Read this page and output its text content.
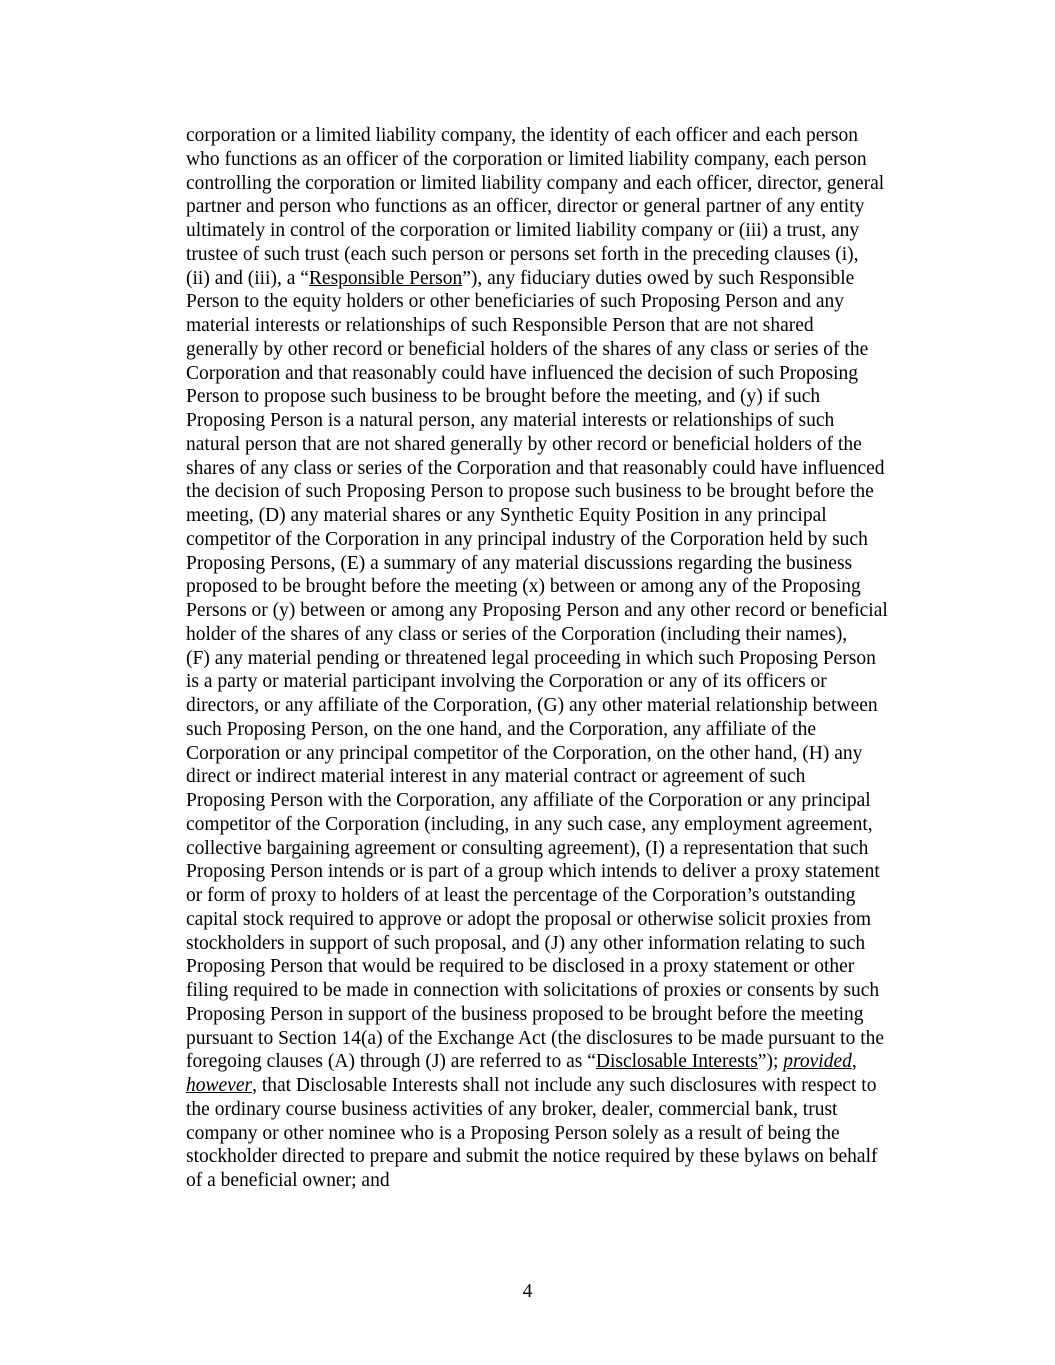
corporation or a limited liability company, the identity of each officer and each person
who functions as an officer of the corporation or limited liability company, each person
controlling the corporation or limited liability company and each officer, director, general
partner and person who functions as an officer, director or general partner of any entity
ultimately in control of the corporation or limited liability company or (iii) a trust, any
trustee of such trust (each such person or persons set forth in the preceding clauses (i),
(ii) and (iii), a “Responsible Person”), any fiduciary duties owed by such Responsible
Person to the equity holders or other beneficiaries of such Proposing Person and any
material interests or relationships of such Responsible Person that are not shared
generally by other record or beneficial holders of the shares of any class or series of the
Corporation and that reasonably could have influenced the decision of such Proposing
Person to propose such business to be brought before the meeting, and (y) if such
Proposing Person is a natural person, any material interests or relationships of such
natural person that are not shared generally by other record or beneficial holders of the
shares of any class or series of the Corporation and that reasonably could have influenced
the decision of such Proposing Person to propose such business to be brought before the
meeting, (D) any material shares or any Synthetic Equity Position in any principal
competitor of the Corporation in any principal industry of the Corporation held by such
Proposing Persons, (E) a summary of any material discussions regarding the business
proposed to be brought before the meeting (x) between or among any of the Proposing
Persons or (y) between or among any Proposing Person and any other record or beneficial
holder of the shares of any class or series of the Corporation (including their names),
(F) any material pending or threatened legal proceeding in which such Proposing Person
is a party or material participant involving the Corporation or any of its officers or
directors, or any affiliate of the Corporation, (G) any other material relationship between
such Proposing Person, on the one hand, and the Corporation, any affiliate of the
Corporation or any principal competitor of the Corporation, on the other hand, (H) any
direct or indirect material interest in any material contract or agreement of such
Proposing Person with the Corporation, any affiliate of the Corporation or any principal
competitor of the Corporation (including, in any such case, any employment agreement,
collective bargaining agreement or consulting agreement), (I) a representation that such
Proposing Person intends or is part of a group which intends to deliver a proxy statement
or form of proxy to holders of at least the percentage of the Corporation’s outstanding
capital stock required to approve or adopt the proposal or otherwise solicit proxies from
stockholders in support of such proposal, and (J) any other information relating to such
Proposing Person that would be required to be disclosed in a proxy statement or other
filing required to be made in connection with solicitations of proxies or consents by such
Proposing Person in support of the business proposed to be brought before the meeting
pursuant to Section 14(a) of the Exchange Act (the disclosures to be made pursuant to the
foregoing clauses (A) through (J) are referred to as “Disclosable Interests”); provided,
however, that Disclosable Interests shall not include any such disclosures with respect to
the ordinary course business activities of any broker, dealer, commercial bank, trust
company or other nominee who is a Proposing Person solely as a result of being the
stockholder directed to prepare and submit the notice required by these bylaws on behalf
of a beneficial owner; and
4
